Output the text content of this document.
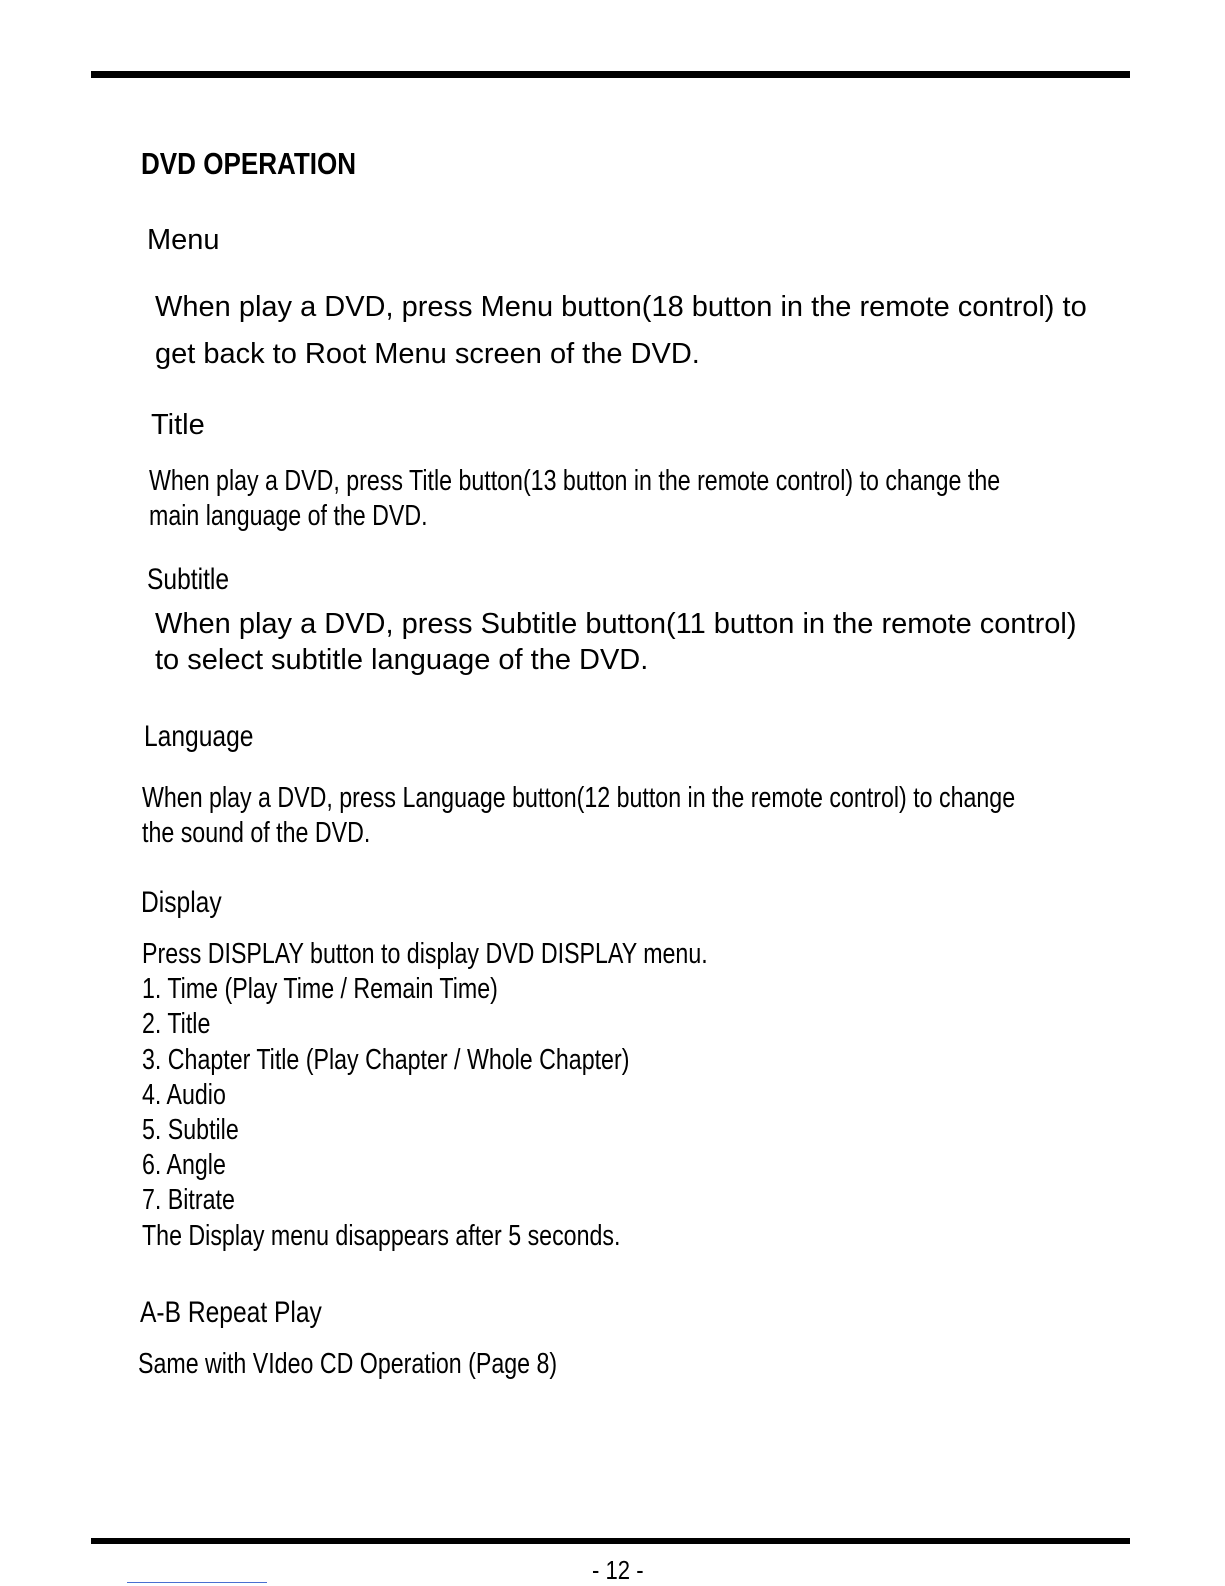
DVD OPERATION
Menu
When play a DVD, press Menu button(18 button in the remote control) to
get back to Root Menu screen of the DVD.
Title
When play a DVD, press Title button(13 button in the remote control) to change the
main language of the DVD.
Subtitle
When play a DVD, press Subtitle button(11 button in the remote control)
to select subtitle language of the DVD.
Language
When play a DVD, press Language button(12 button in the remote control) to change
the sound of the DVD.
Display
Press DISPLAY button to display DVD DISPLAY menu.
1. Time (Play Time / Remain Time)
2. Title
3. Chapter Title (Play Chapter / Whole Chapter)
4. Audio
5. Subtile
6. Angle
7. Bitrate
The Display menu disappears after 5 seconds.
A-B Repeat Play
Same with VIdeo CD Operation (Page 8)
- 12 -
